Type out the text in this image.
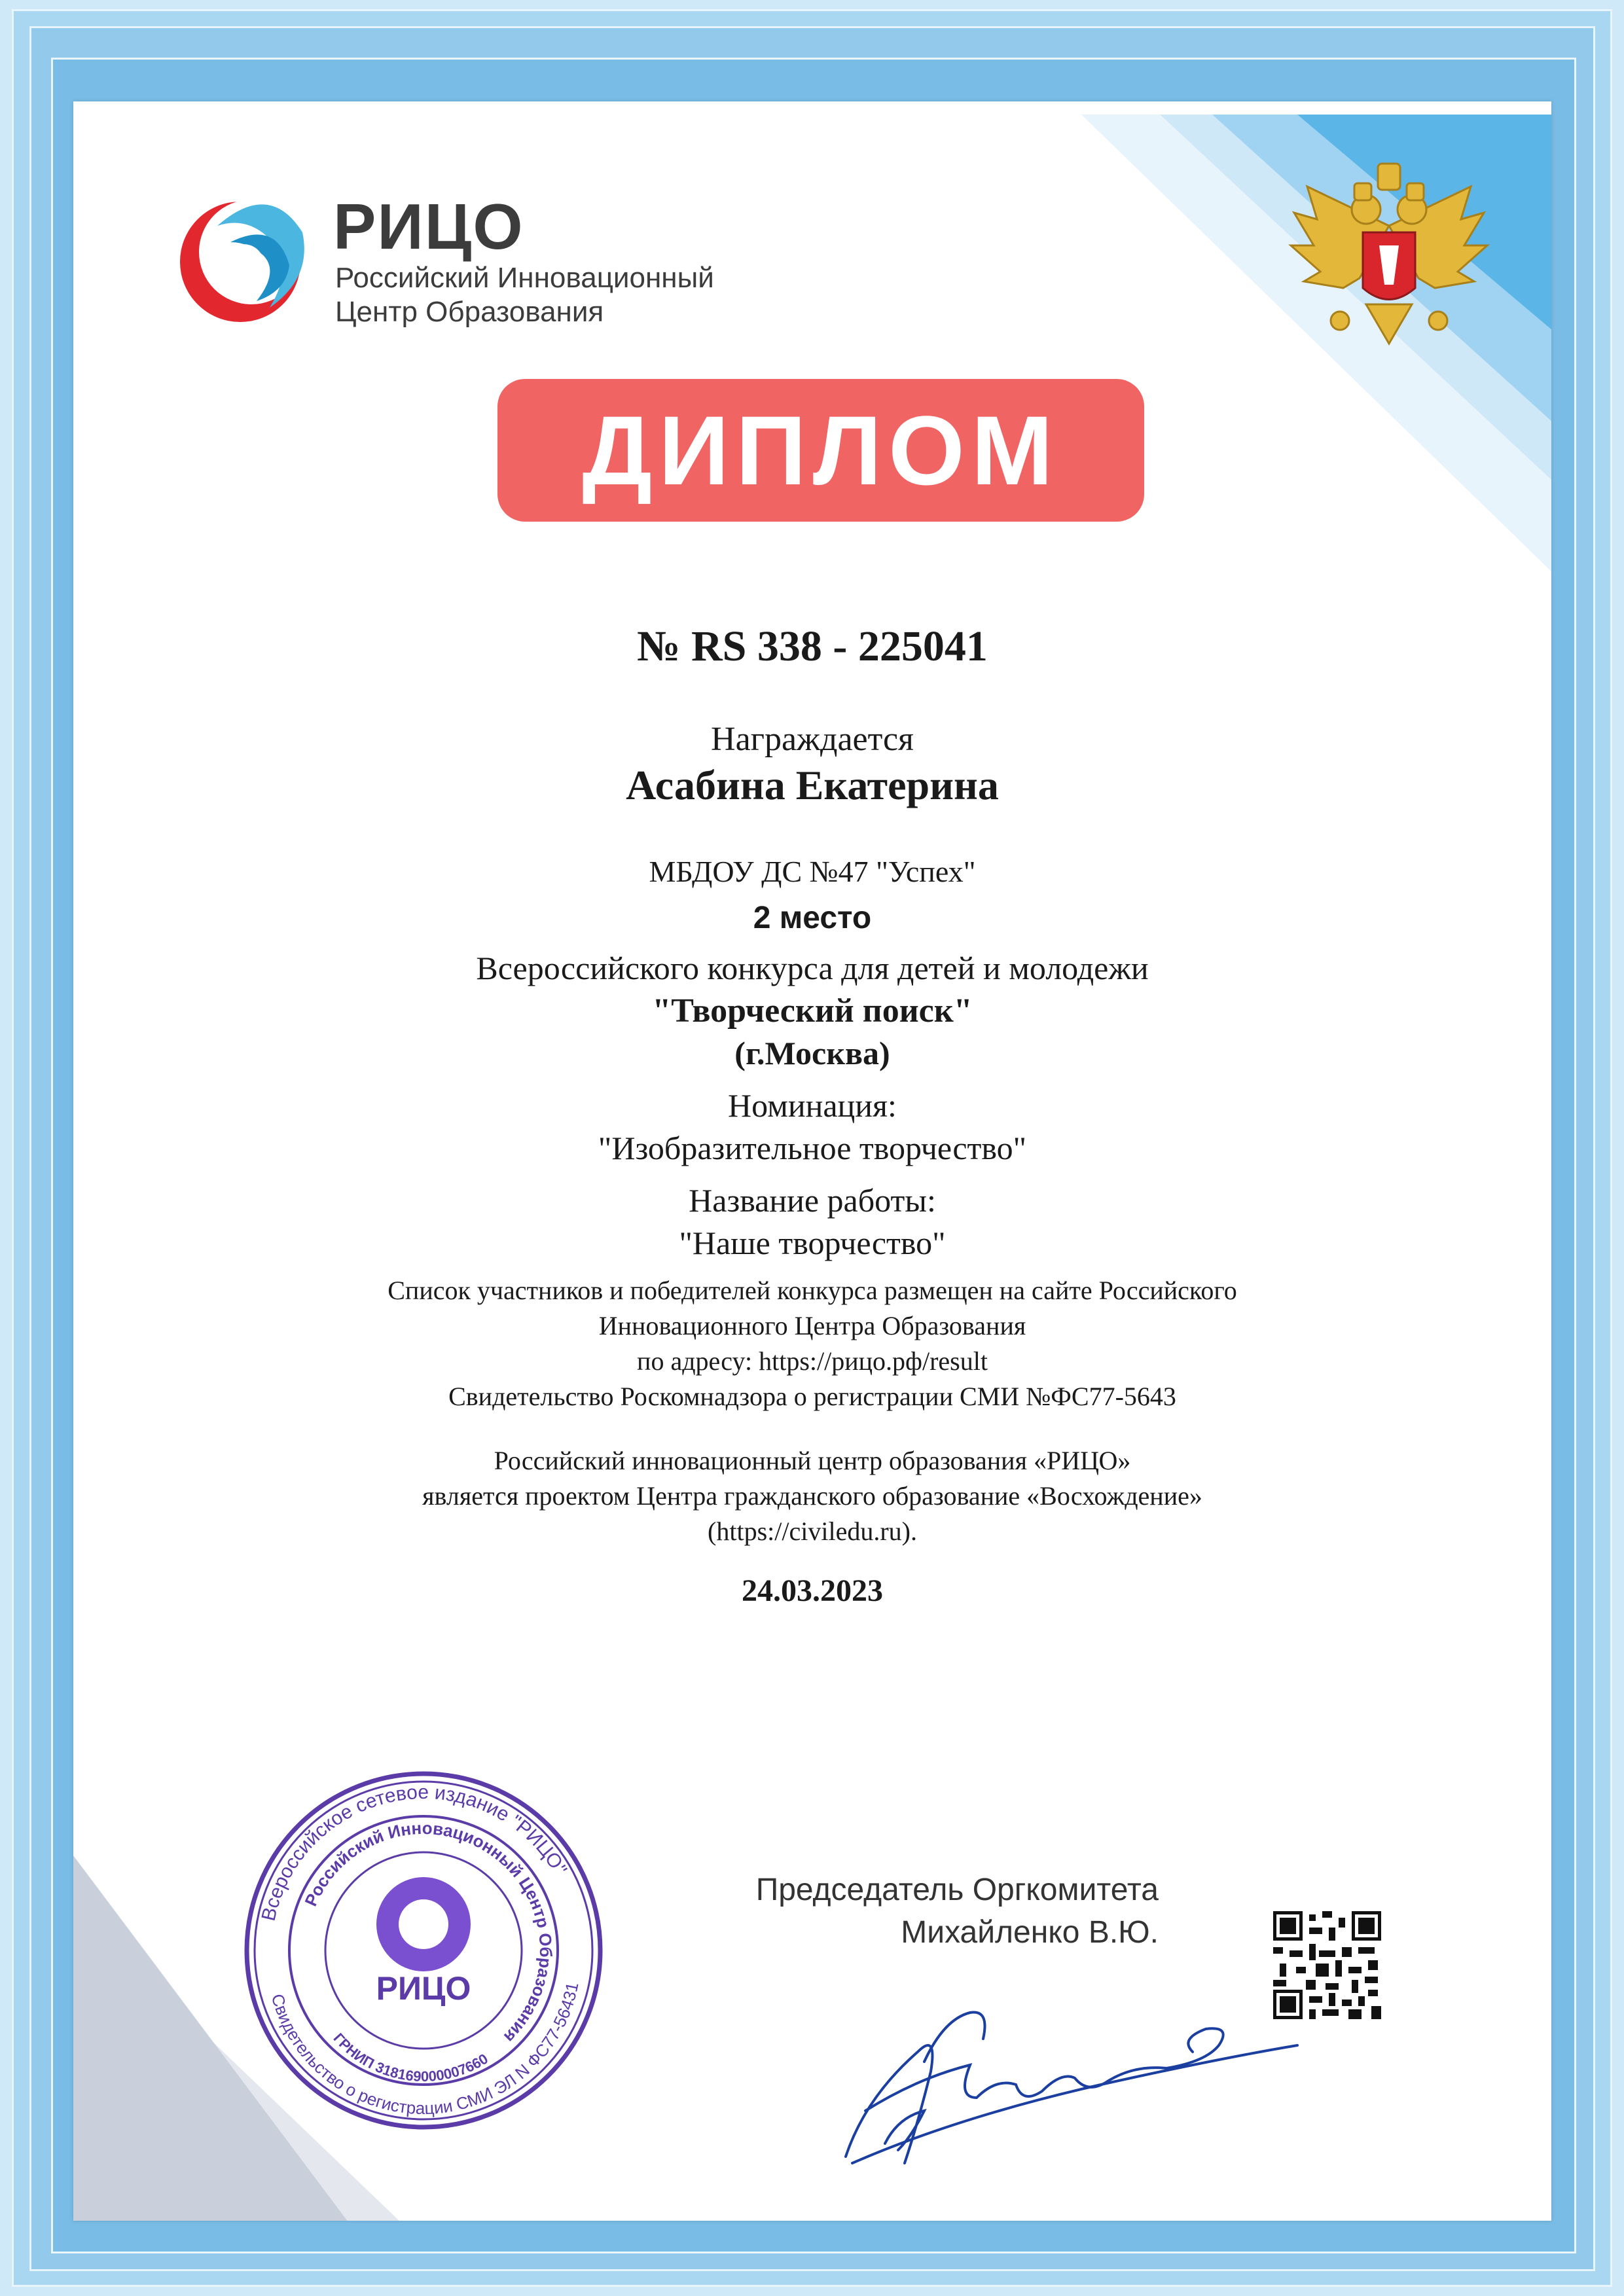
РИЦО
Российский Инновационный
Центр Образования
ДИПЛОМ
№ RS 338 - 225041
Награждается
Асабина Екатерина
МБДОУ ДС №47 "Успех"
2 место
Всероссийского конкурса для детей и молодежи
"Творческий поиск"
(г.Москва)
Номинация:
"Изобразительное творчество"
Название работы:
"Наше творчество"
Список участников и победителей конкурса размещен на сайте Российского
Инновационного Центра Образования
по адресу: https://рицо.рф/result
Свидетельство Роскомнадзора о регистрации СМИ №ФС77-5643
Российский инновационный центр образования «РИЦО»
является проектом Центра гражданского образование «Восхождение»
(https://civiledu.ru).
24.03.2023
Всероссийское сетевое издание "РИЦО"
Российский Инновационный Центр Образования
ГРНИП 318169000007660
Свидетельство о регистрации СМИ ЭЛ N ФС77-56431
РИЦО
Председатель Оргкомитета
Михайленко В.Ю.
